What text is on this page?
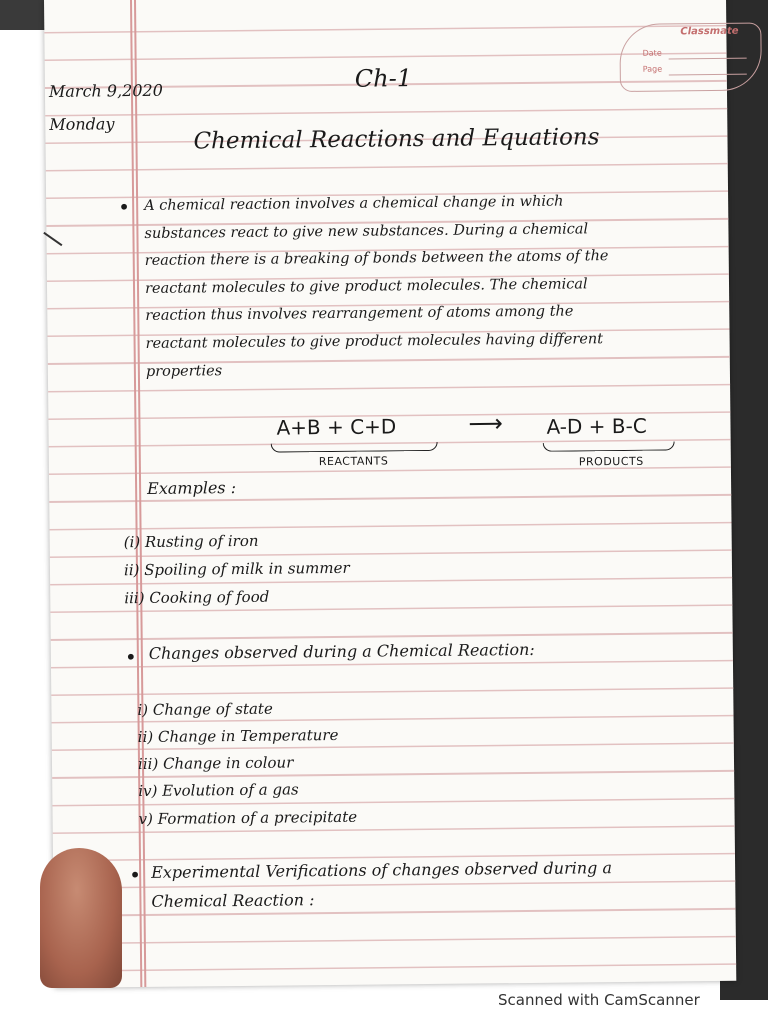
Classmate
Date
Page
March 9,2020
Monday
Ch-1
Chemical Reactions and Equations
• A chemical reaction involves a chemical change in which
substances react to give new substances. During a chemical
reaction there is a breaking of bonds between the atoms of the
reactant molecules to give product molecules. The chemical
reaction thus involves rearrangement of atoms among the
reactant molecules to give product molecules having different
properties
A+B + C+D	⟶ A-D + B-C
REACTANTS	PRODUCTS
Examples :
(i) Rusting of iron
ii) Spoiling of milk in summer
iii) Cooking of food
• Changes observed during a Chemical Reaction:
i) Change of state
ii) Change in Temperature
iii) Change in colour
iv) Evolution of a gas
v) Formation of a precipitate
• Experimental Verifications of changes observed during a
Chemical Reaction :
Scanned with CamScanner
